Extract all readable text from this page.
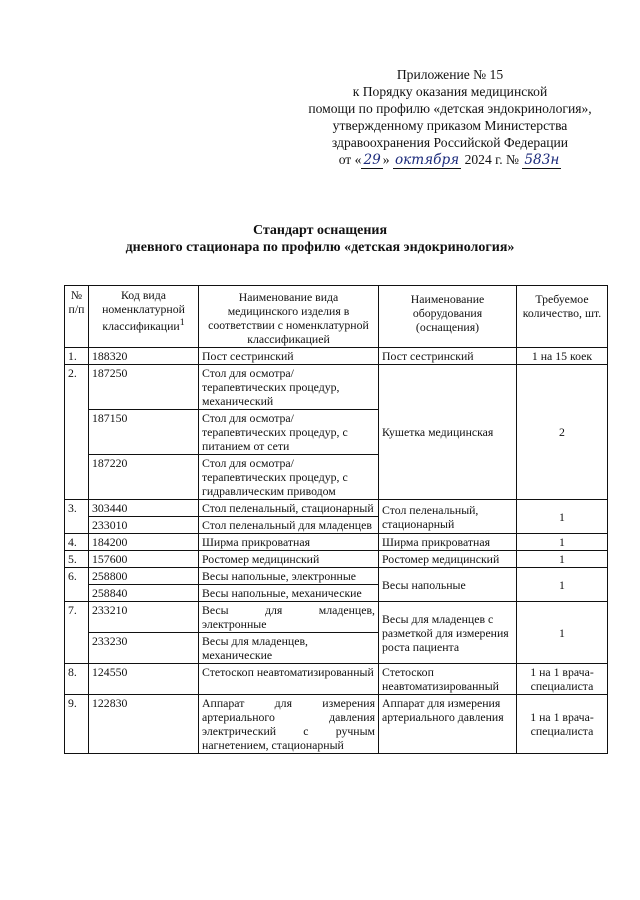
Приложение № 15
к Порядку оказания медицинской
помощи по профилю «детская эндокринология»,
утвержденному приказом Министерства
здравоохранения Российской Федерации
от « 29 » октября 2024 г. № 583н
Стандарт оснащения
дневного стационара по профилю «детская эндокринология»
№ п/п	Код вида номенклатурной классификации$^1$	Наименование вида медицинского изделия в соответствии с номенклатурной классификацией	Наименование оборудования (оснащения)	Требуемое количество, шт.
1.	188320	Пост сестринский	Пост сестринский	1 на 15 коек
2.	187250	Стол для осмотра/терапевтических процедур, механический	Кушетка медицинская	2
	187150	Стол для осмотра/терапевтических процедур, с питанием от сети		
	187220	Стол для осмотра/терапевтических процедур, с гидравлическим приводом		
3.	303440	Стол пеленальный, стационарный	Стол пеленальный, стационарный	1
	233010	Стол пеленальный для младенцев		
4.	184200	Ширма прикроватная	Ширма прикроватная	1
5.	157600	Ростомер медицинский	Ростомер медицинский	1
6.	258800	Весы напольные, электронные	Весы напольные	1
	258840	Весы напольные, механические		
7.	233210	Весы для младенцев, электронные	Весы для младенцев с разметкой для измерения роста пациента	1
	233230	Весы для младенцев, механические		
8.	124550	Стетоскоп неавтоматизированный	Стетоскоп неавтоматизированный	1 на 1 врача-специалиста
9.	122830	Аппарат для измерения артериального давления электрический с ручным нагнетением, стационарный	Аппарат для измерения артериального давления	1 на 1 врача-специалиста
